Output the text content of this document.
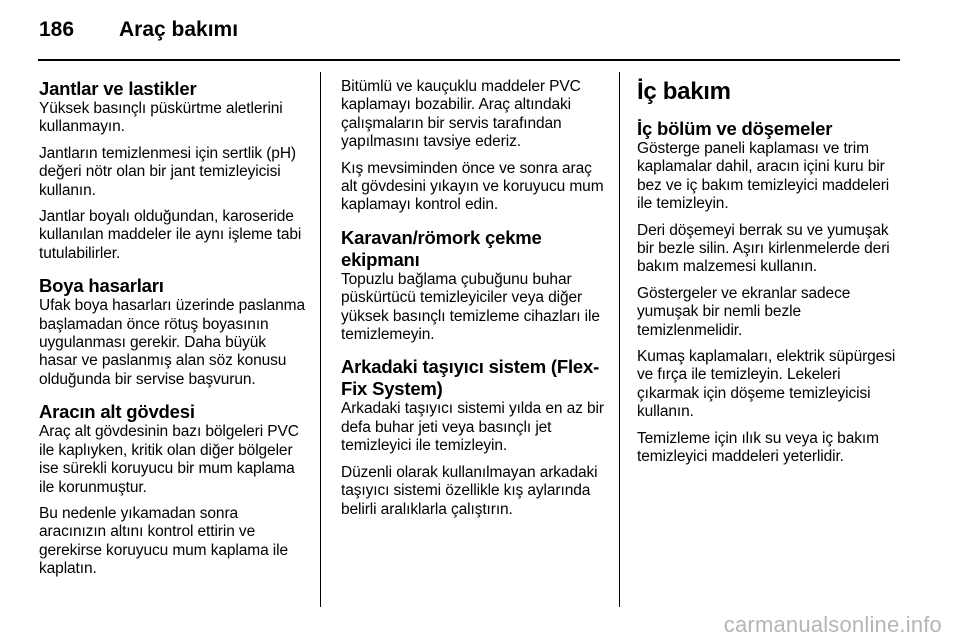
186	Araç bakımı
Jantlar ve lastikler

Yüksek basınçlı püskürtme aletlerini kullanmayın.

Jantların temizlenmesi için sertlik (pH) değeri nötr olan bir jant temizleyicisi kullanın.

Jantlar boyalı olduğundan, karoseride kullanılan maddeler ile aynı işleme tabi tutulabilirler.

Boya hasarları

Ufak boya hasarları üzerinde paslanma başlamadan önce rötuş boyasının uygulanması gerekir. Daha büyük hasar ve paslanmış alan söz konusu olduğunda bir servise başvurun.

Aracın alt gövdesi

Araç alt gövdesinin bazı bölgeleri PVC ile kaplıyken, kritik olan diğer bölgeler ise sürekli koruyucu bir mum kaplama ile korunmuştur.

Bu nedenle yıkamadan sonra aracınızın altını kontrol ettirin ve gerekirse koruyucu mum kaplama ile kaplatın.

Bitümlü ve kauçuklu maddeler PVC kaplamayı bozabilir. Araç altındaki çalışmaların bir servis tarafından yapılmasını tavsiye ederiz.

Kış mevsiminden önce ve sonra araç alt gövdesini yıkayın ve koruyucu mum kaplamayı kontrol edin.

Karavan/römork çekme ekipmanı

Topuzlu bağlama çubuğunu buhar püskürtücü temizleyiciler veya diğer yüksek basınçlı temizleme cihazları ile temizlemeyin.

Arkadaki taşıyıcı sistem (Flex-Fix System)

Arkadaki taşıyıcı sistemi yılda en az bir defa buhar jeti veya basınçlı jet temizleyici ile temizleyin.

Düzenli olarak kullanılmayan arkadaki taşıyıcı sistemi özellikle kış aylarında belirli aralıklarla çalıştırın.

İç bakım
İç bölüm ve döşemeler

Gösterge paneli kaplaması ve trim kaplamalar dahil, aracın içini kuru bir bez ve iç bakım temizleyici maddeleri ile temizleyin.

Deri döşemeyi berrak su ve yumuşak bir bezle silin. Aşırı kirlenmelerde deri bakım malzemesi kullanın.

Göstergeler ve ekranlar sadece yumuşak bir nemli bezle temizlenmelidir.

Kumaş kaplamaları, elektrik süpürgesi ve fırça ile temizleyin. Lekeleri çıkarmak için döşeme temizleyicisi kullanın.

Temizleme için ılık su veya iç bakım temizleyici maddeleri yeterlidir.

carmanualsonline.info
